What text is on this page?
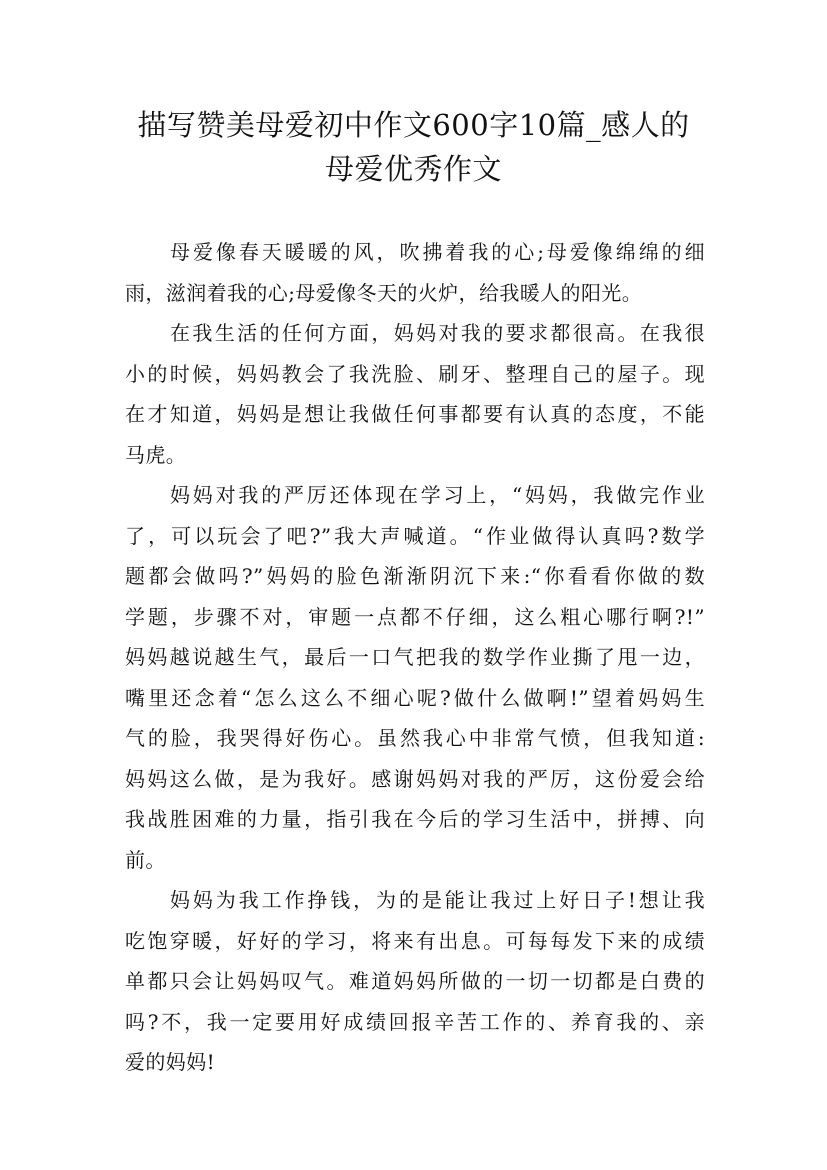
描写赞美母爱初中作文600字10篇_感人的
母爱优秀作文
母爱像春天暖暖的风，吹拂着我的心;母爱像绵绵的细
雨，滋润着我的心;母爱像冬天的火炉，给我暖人的阳光。
在我生活的任何方面，妈妈对我的要求都很高。在我很
小的时候，妈妈教会了我洗脸、刷牙、整理自己的屋子。现
在才知道，妈妈是想让我做任何事都要有认真的态度，不能
马虎。
妈妈对我的严厉还体现在学习上，“妈妈，我做完作业
了，可以玩会了吧?”我大声喊道。“作业做得认真吗?数学
题都会做吗?”妈妈的脸色渐渐阴沉下来:“你看看你做的数
学题，步骤不对，审题一点都不仔细，这么粗心哪行啊?!”
妈妈越说越生气，最后一口气把我的数学作业撕了甩一边，
嘴里还念着“怎么这么不细心呢?做什么做啊!”望着妈妈生
气的脸，我哭得好伤心。虽然我心中非常气愤，但我知道:
妈妈这么做，是为我好。感谢妈妈对我的严厉，这份爱会给
我战胜困难的力量，指引我在今后的学习生活中，拼搏、向
前。
妈妈为我工作挣钱，为的是能让我过上好日子!想让我
吃饱穿暖，好好的学习，将来有出息。可每每发下来的成绩
单都只会让妈妈叹气。难道妈妈所做的一切一切都是白费的
吗?不，我一定要用好成绩回报辛苦工作的、养育我的、亲
爱的妈妈!
